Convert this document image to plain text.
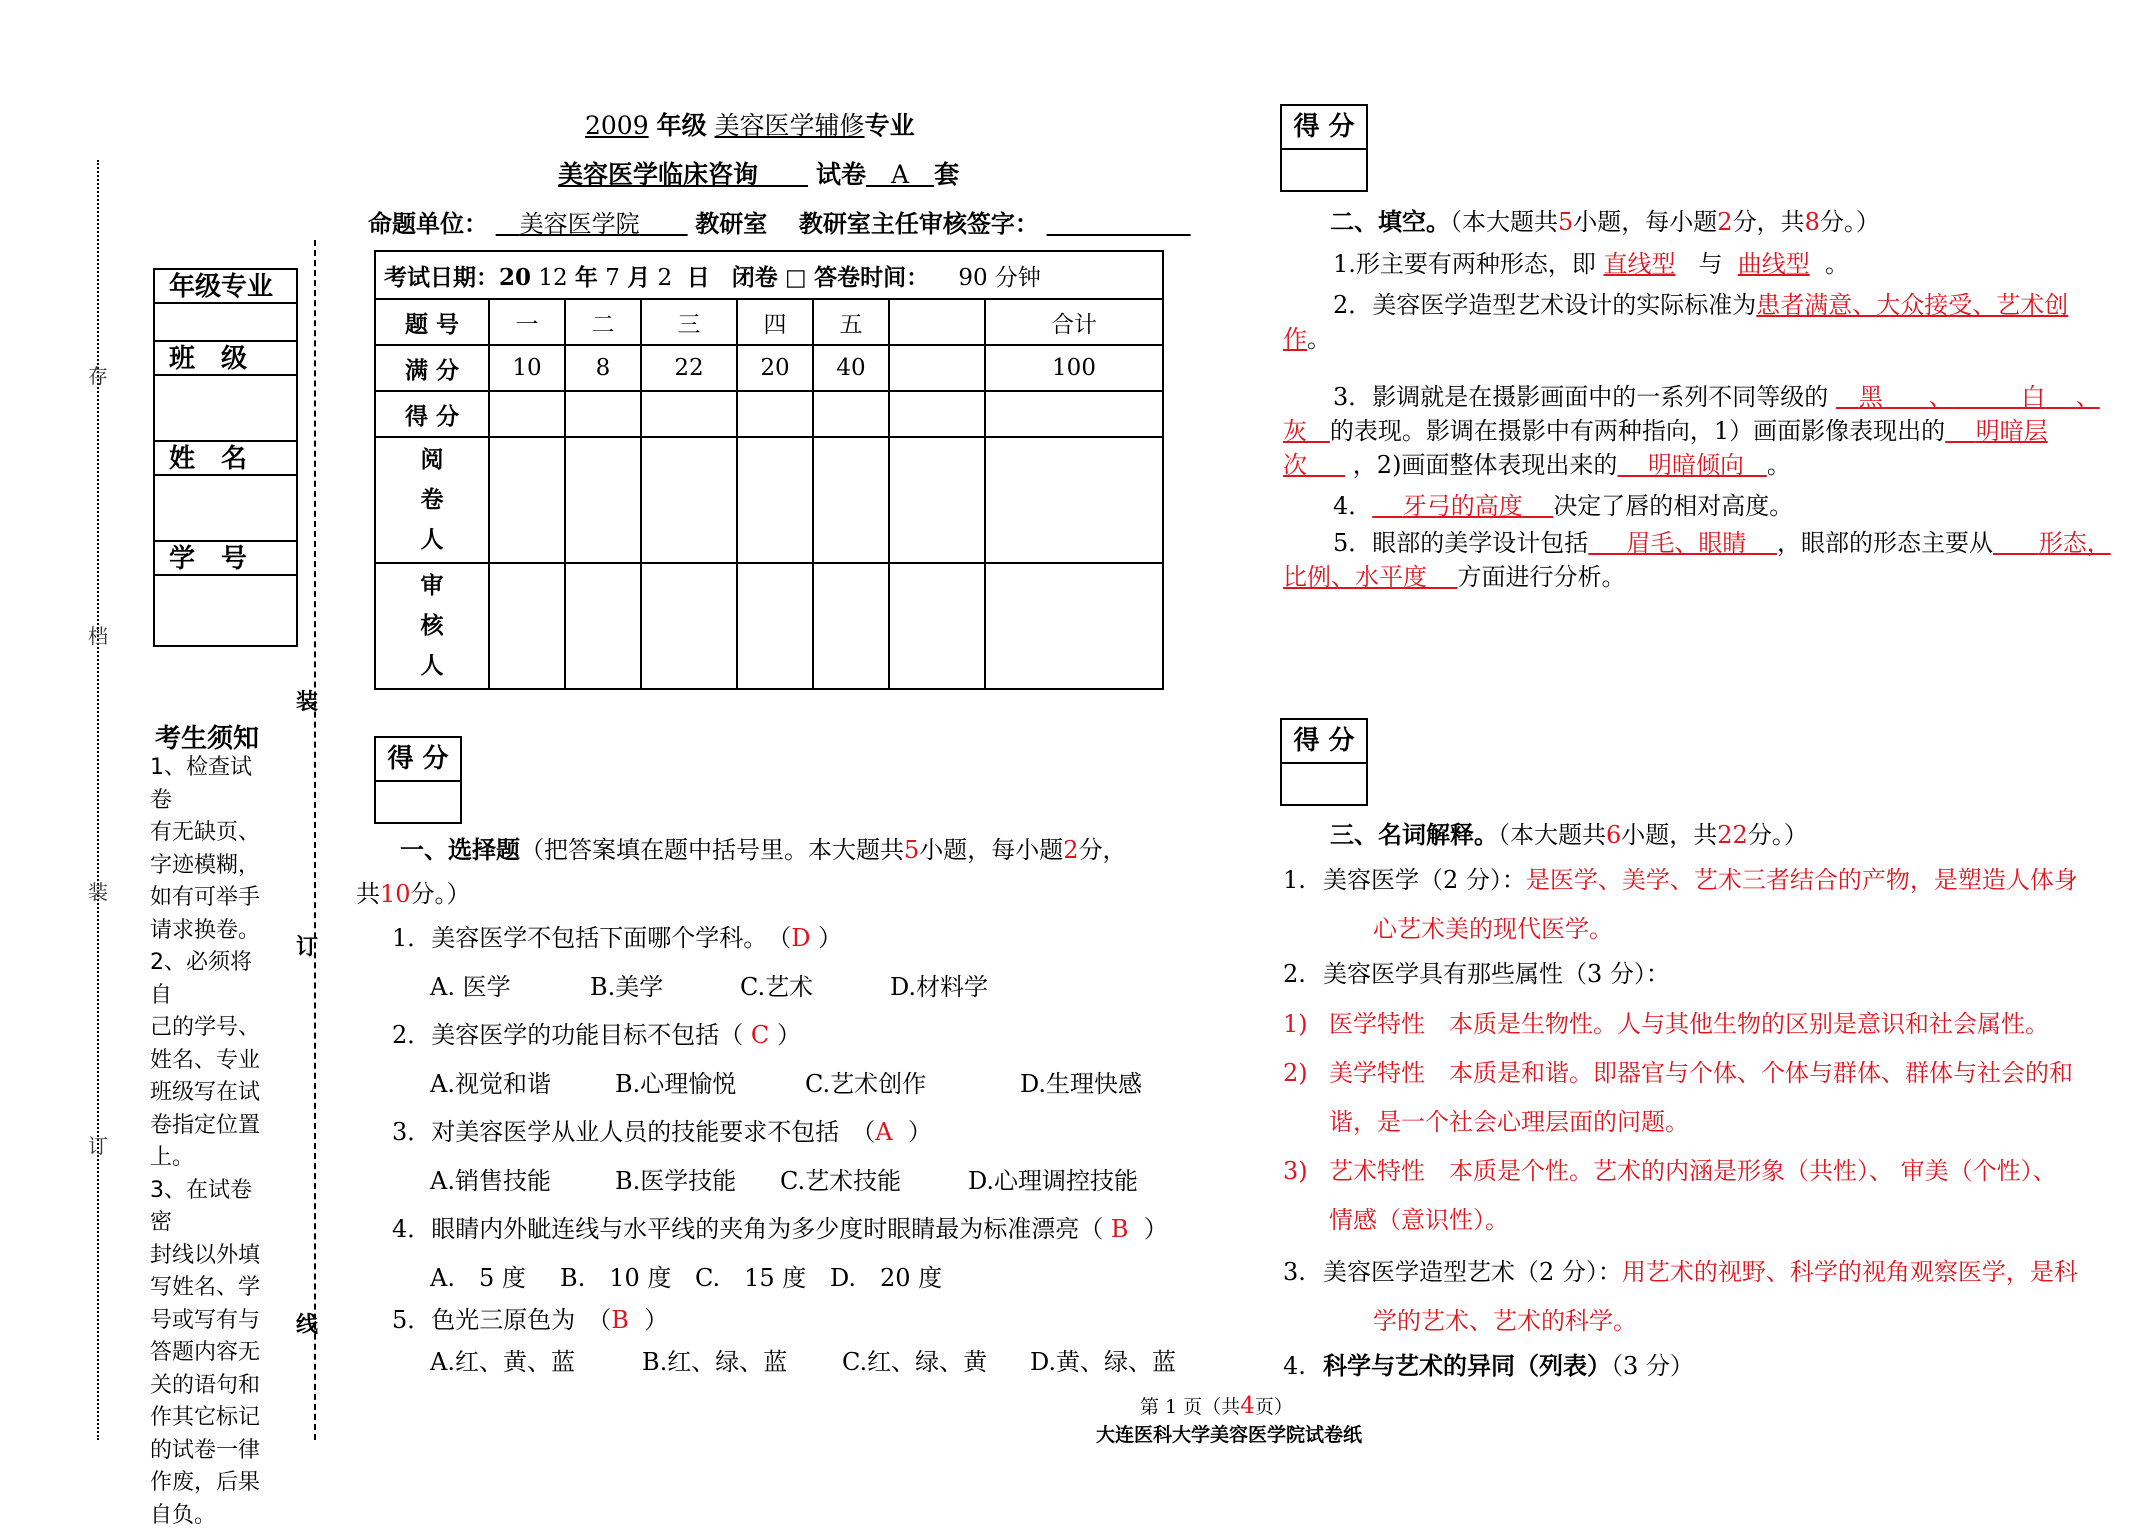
存
档
装
订
装
订
线
年级专业
班　级
姓　名
学　号
考生须知
1、检查试卷
有无缺页、
字迹模糊，
如有可举手
请求换卷。
2、必须将自
己的学号、
姓名、专业
班级写在试
卷指定位置
上。
3、在试卷密
封线以外填
写姓名、学
号或写有与
答题内容无
关的语句和
作其它标记
的试卷一律
作废，后果
自负。
2009 年级 美容医学辅修专业
美容医学临床咨询　　 试卷　 A　 套
命题单位： 　 美容医学院　　 教研室　 教研室主任审核签字： 　　　　　　
考试日期：20 12 年 7 月 2 日 闭卷 □ 答卷时间： 90 分钟							
题 号	一	二	三	四	五		合计
满 分	10	8	22	20	40		100
得 分							

阅
卷
人							

审
核
人							

得 分
得 分
得 分
一、选择题（把答案填在题中括号里。本大题共5小题，每小题2分，
共10分。）
1．美容医学不包括下面哪个学科。　（D ）
A. 医学	B.美学	C.艺术	D.材料学
2．美容医学的功能目标不包括（ C ）
A.视觉和谐	B.心理愉悦	C.艺术创作	D.生理快感
3．对美容医学从业人员的技能要求不包括　（A ）
A.销售技能	B.医学技能 C.艺术技能	D.心理调控技能
4．眼睛内外眦连线与水平线的夹角为多少度时眼睛最为标准漂亮（ B ）
A.　5 度 B.　10 度 C.　15 度 D.　20 度
5．色光三原色为　（B ）
A.红、黄、蓝	B.红、绿、蓝 C.红、绿、黄 D.黄、绿、蓝
二、填空。（本大题共5小题，每小题2分，共8分。）
1.形主要有两种形态，即 直线型 与 曲线型 。
2．美容医学造型艺术设计的实际标准为患者满意、大众接受、艺术创
作。
3．影调就是在摄影画面中的一系列不同等级的 黑 、	白 、
灰 的表现。影调在摄影中有两种指向，1）画面影像表现出的 明暗层
次 ，2)画面整体表现出来的 明暗倾向 。
4． 牙弓的高度 决定了唇的相对高度。
5．眼部的美学设计包括 眉毛、眼睛 ，眼部的形态主要从 形态，
比例、水平度 方面进行分析。
三、名词解释。（本大题共6小题，共22分。）
1. 美容医学（2 分）：是医学、美学、艺术三者结合的产物，是塑造人体身
心艺术美的现代医学。
2. 美容医学具有那些属性（3 分）：
1) 医学特性　本质是生物性。人与其他生物的区别是意识和社会属性。
2) 美学特性　本质是和谐。即器官与个体、个体与群体、群体与社会的和
谐，是一个社会心理层面的问题。
3) 艺术特性　本质是个性。艺术的内涵是形象（共性）、 审美（个性）、
情感（意识性）。
3. 美容医学造型艺术（2 分）：用艺术的视野、科学的视角观察医学，是科
学的艺术、艺术的科学。
4. 科学与艺术的异同（列表）（3 分）
第 1 页（共4页）
大连医科大学美容医学院试卷纸
